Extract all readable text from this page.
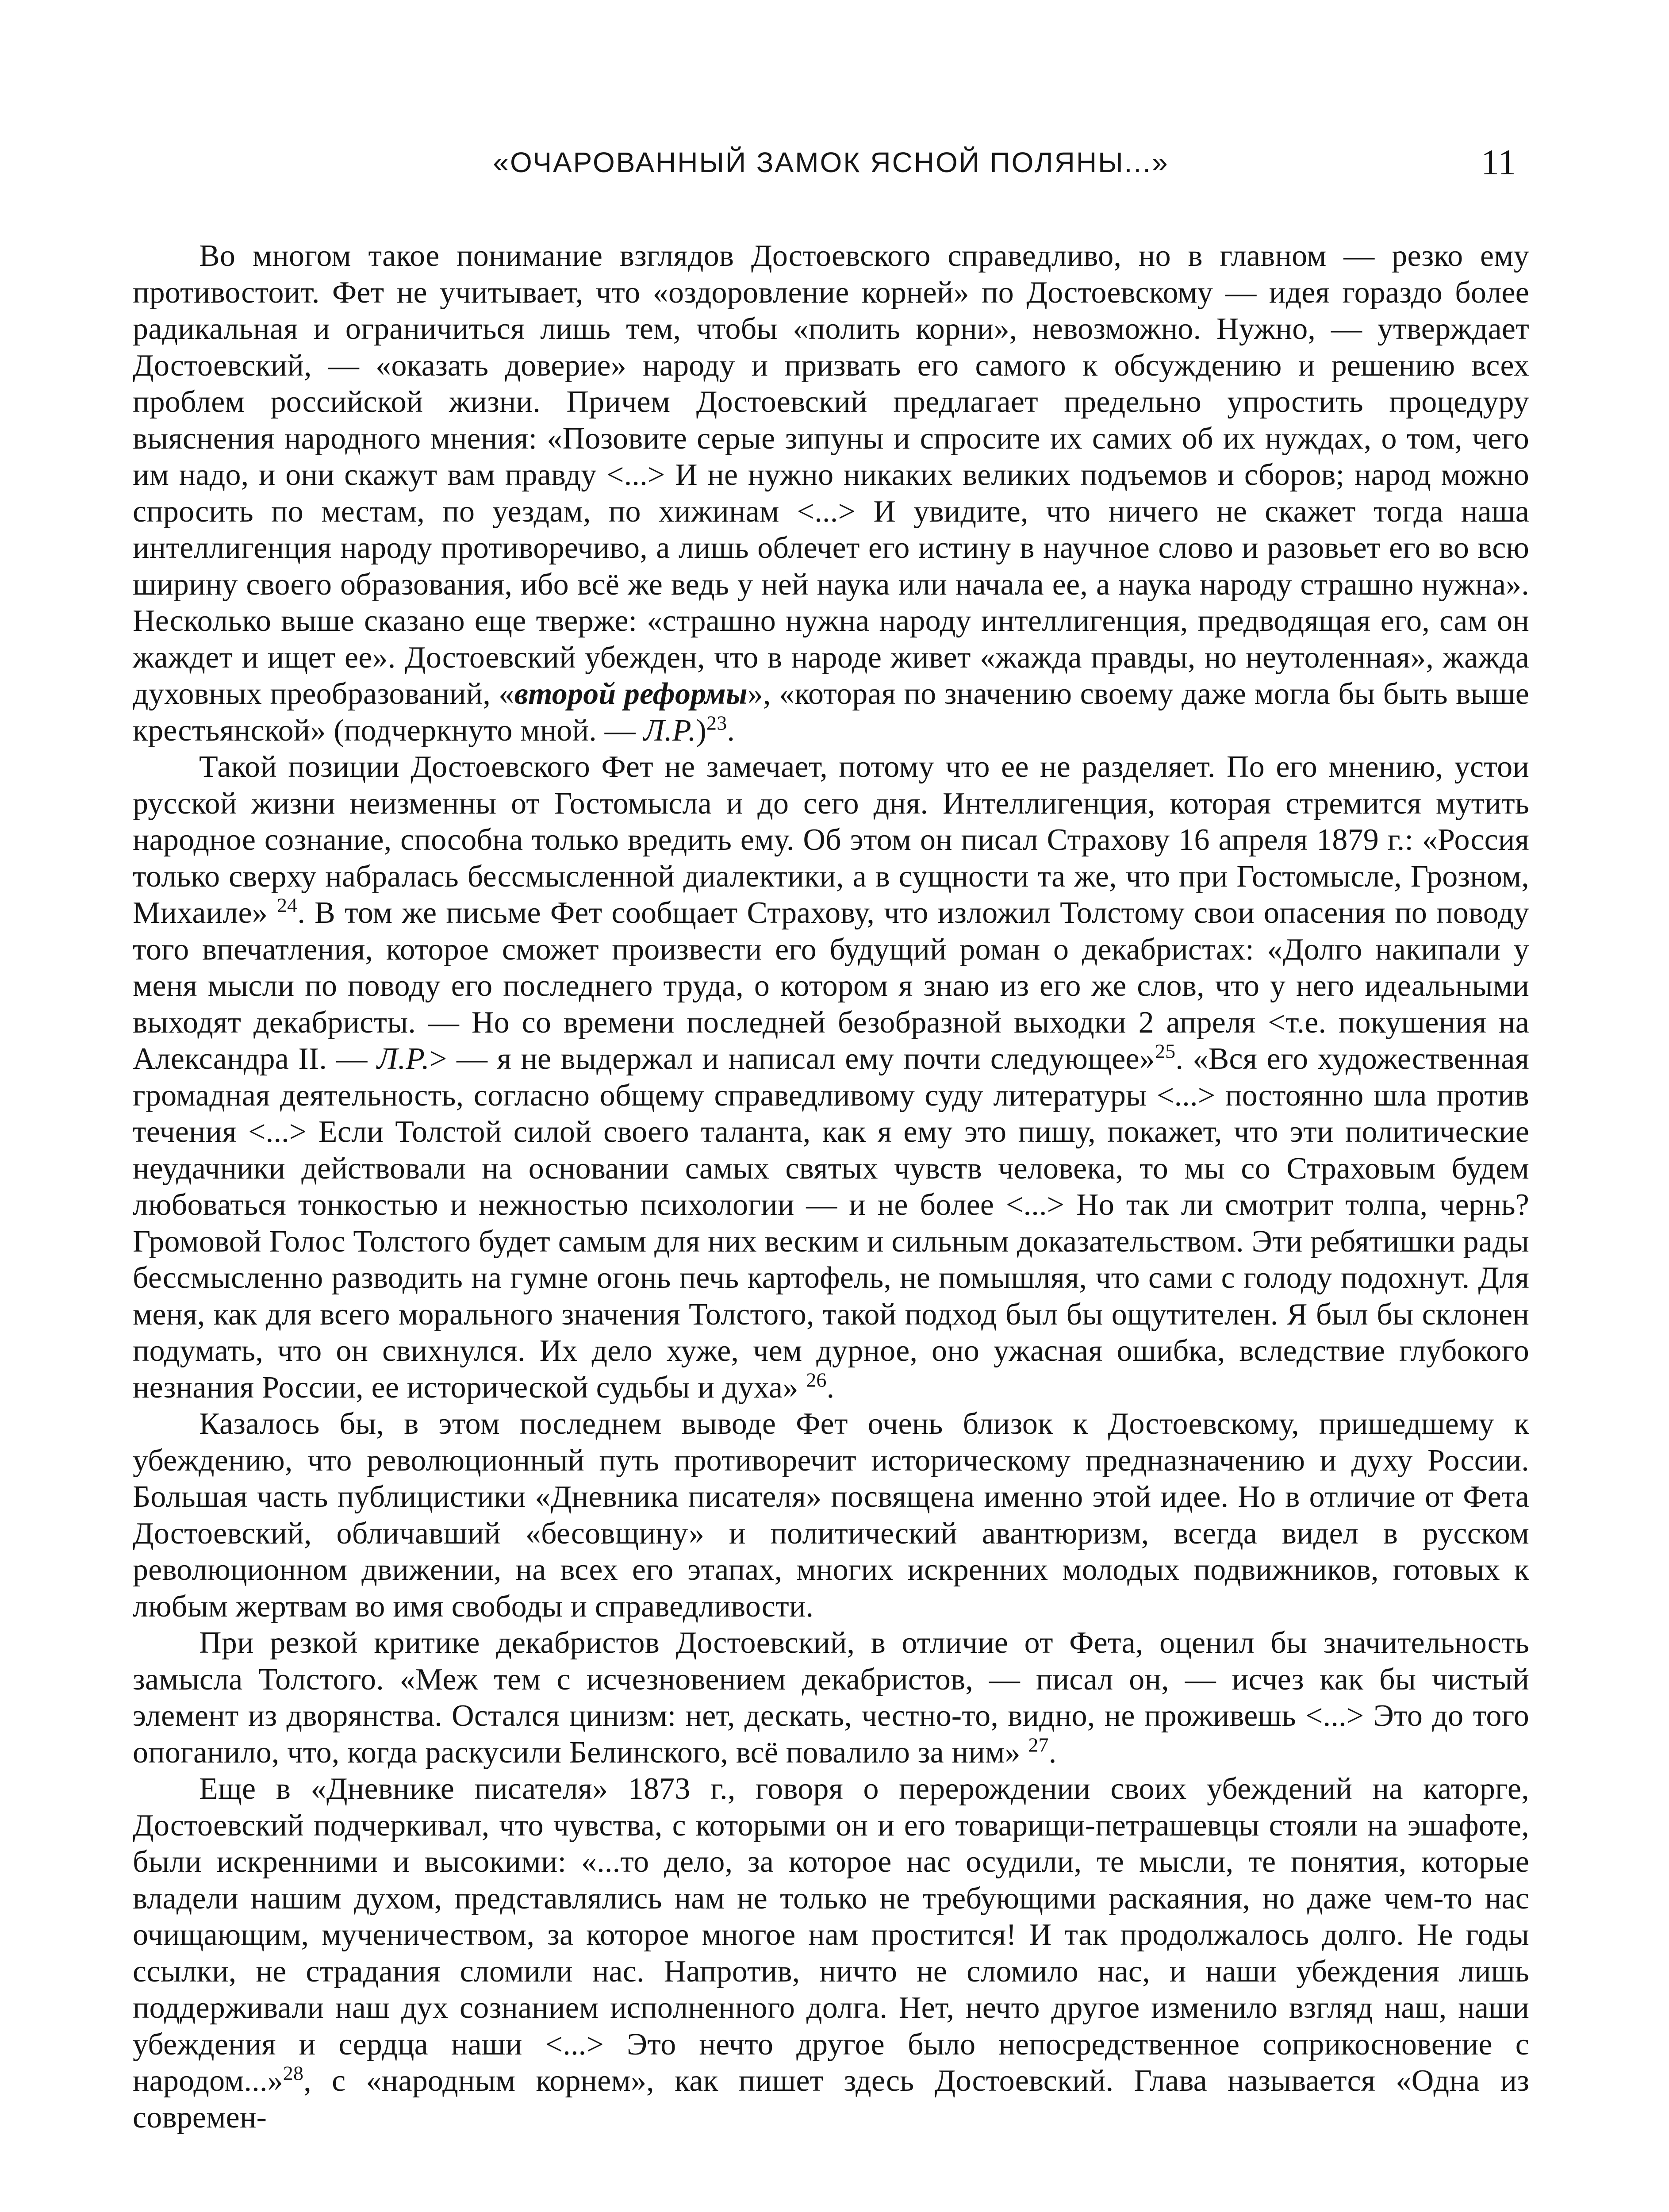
«ОЧАРОВАННЫЙ ЗАМОК ЯСНОЙ ПОЛЯНЫ...»	11

Во многом такое понимание взглядов Достоевского справедливо, но в главном — резко ему противостоит. Фет не учитывает, что «оздоровление корней» по Достоевскому — идея гораздо более радикальная и ограничиться лишь тем, чтобы «полить корни», невозможно. Нужно, — утверждает Достоевский, — «оказать доверие» народу и призвать его самого к обсуждению и решению всех проблем российской жизни. Причем Достоевский предлагает предельно упростить процедуру выяснения народного мнения: «Позовите серые зипуны и спросите их самих об их нуждах, о том, чего им надо, и они скажут вам правду <...> И не нужно никаких великих подъемов и сборов; народ можно спросить по местам, по уездам, по хижинам <...> И увидите, что ничего не скажет тогда наша интеллигенция народу противоречиво, а лишь облечет его истину в научное слово и разовьет его во всю ширину своего образования, ибо всё же ведь у ней наука или начала ее, а наука народу страшно нужна». Несколько выше сказано еще тверже: «страшно нужна народу интеллигенция, предводящая его, сам он жаждет и ищет ее». Достоевский убежден, что в народе живет «жажда правды, но неутоленная», жажда духовных преобразований, «второй реформы», «которая по значению своему даже могла бы быть выше крестьянской» (подчеркнуто мной. — Л.Р.)$^{23}$.

Такой позиции Достоевского Фет не замечает, потому что ее не разделяет. По его мнению, устои русской жизни неизменны от Гостомысла и до сего дня. Интеллигенция, которая стремится мутить народное сознание, способна только вредить ему. Об этом он писал Страхову 16 апреля 1879 г.: «Россия только сверху набралась бессмысленной диалектики, а в сущности та же, что при Гостомысле, Грозном, Михаиле» $^{24}$. В том же письме Фет сообщает Страхову, что изложил Толстому свои опасения по поводу того впечатления, которое сможет произвести его будущий роман о декабристах: «Долго накипали у меня мысли по поводу его последнего труда, о котором я знаю из его же слов, что у него идеальными выходят декабристы. — Но со времени последней безобразной выходки 2 апреля <т.е. покушения на Александра II. — Л.Р.> — я не выдержал и написал ему почти следующее»$^{25}$. «Вся его художественная громадная деятельность, согласно общему справедливому суду литературы <...> постоянно шла против течения <...> Если Толстой силой своего таланта, как я ему это пишу, покажет, что эти политические неудачники действовали на основании самых святых чувств человека, то мы со Страховым будем любоваться тонкостью и нежностью психологии — и не более <...> Но так ли смотрит толпа, чернь? Громовой Голос Толстого будет самым для них веским и сильным доказательством. Эти ребятишки рады бессмысленно разводить на гумне огонь печь картофель, не помышляя, что сами с голоду подохнут. Для меня, как для всего морального значения Толстого, такой подход был бы ощутителен. Я был бы склонен подумать, что он свихнулся. Их дело хуже, чем дурное, оно ужасная ошибка, вследствие глубокого незнания России, ее исторической судьбы и духа» $^{26}$.

Казалось бы, в этом последнем выводе Фет очень близок к Достоевскому, пришедшему к убеждению, что революционный путь противоречит историческому предназначению и духу России. Большая часть публицистики «Дневника писателя» посвящена именно этой идее. Но в отличие от Фета Достоевский, обличавший «бесовщину» и политический авантюризм, всегда видел в русском революционном движении, на всех его этапах, многих искренних молодых подвижников, готовых к любым жертвам во имя свободы и справедливости.

При резкой критике декабристов Достоевский, в отличие от Фета, оценил бы значительность замысла Толстого. «Меж тем с исчезновением декабристов, — писал он, — исчез как бы чистый элемент из дворянства. Остался цинизм: нет, дескать, честно-то, видно, не проживешь <...> Это до того опоганило, что, когда раскусили Белинского, всё повалило за ним» $^{27}$.

Еще в «Дневнике писателя» 1873 г., говоря о перерождении своих убеждений на каторге, Достоевский подчеркивал, что чувства, с которыми он и его товарищи-петрашевцы стояли на эшафоте, были искренними и высокими: «...то дело, за которое нас осудили, те мысли, те понятия, которые владели нашим духом, представлялись нам не только не требующими раскаяния, но даже чем-то нас очищающим, мученичеством, за которое многое нам простится! И так продолжалось долго. Не годы ссылки, не страдания сломили нас. Напротив, ничто не сломило нас, и наши убеждения лишь поддерживали наш дух сознанием исполненного долга. Нет, нечто другое изменило взгляд наш, наши убеждения и сердца наши <...> Это нечто другое было непосредственное соприкосновение с народом...»$^{28}$, с «народным корнем», как пишет здесь Достоевский. Глава называется «Одна из современ-
